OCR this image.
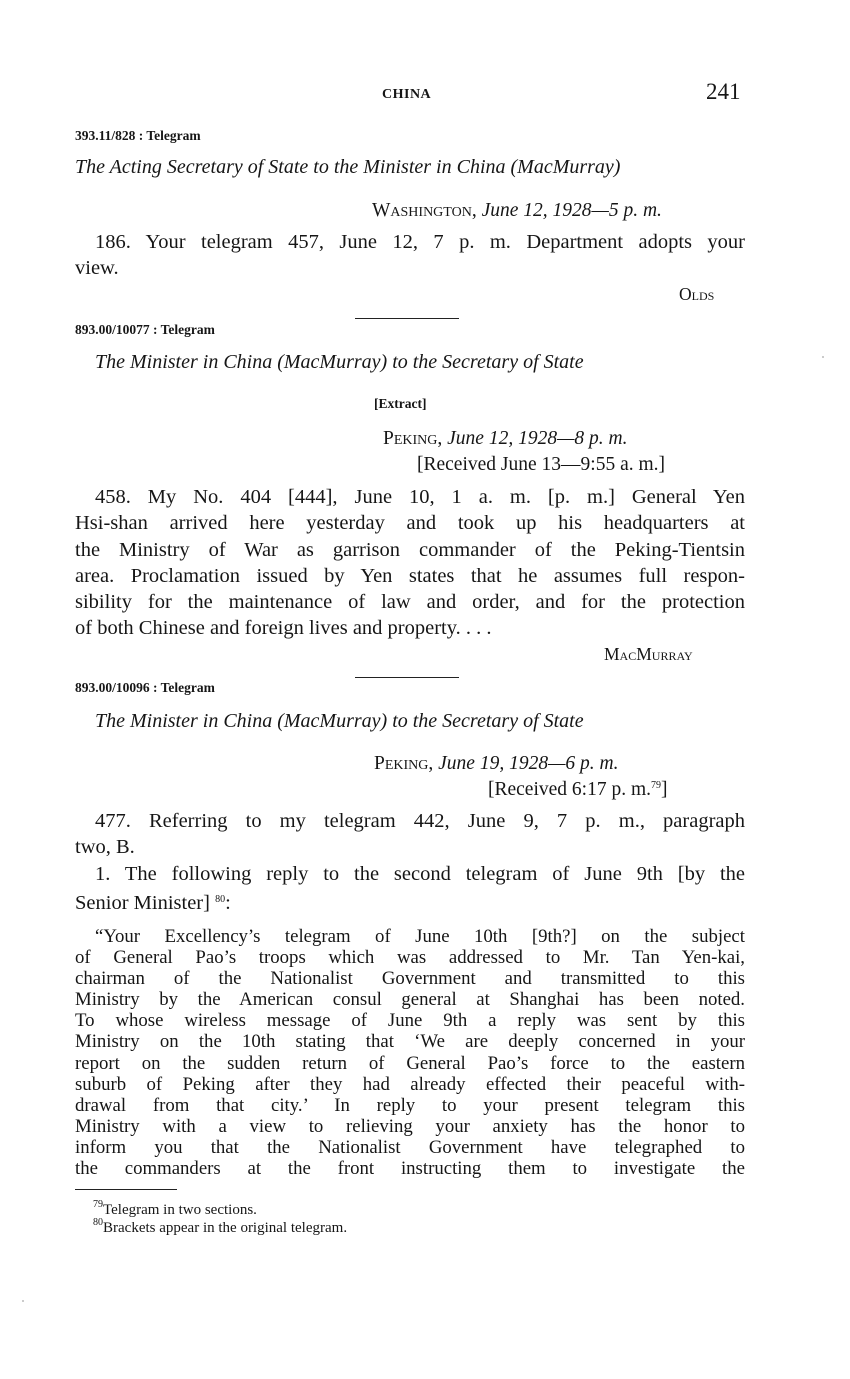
CHINA	241
393.11/828 : Telegram
The Acting Secretary of State to the Minister in China (MacMurray)
Washington, June 12, 1928—5 p. m.
186. Your telegram 457, June 12, 7 p. m. Department adopts your
view.
Olds
893.00/10077 : Telegram
The Minister in China (MacMurray) to the Secretary of State
[Extract]
Peking, June 12, 1928—8 p. m.
[Received June 13—9:55 a. m.]
458. My No. 404 [444], June 10, 1 a. m. [p. m.] General Yen
Hsi-shan arrived here yesterday and took up his headquarters at
the Ministry of War as garrison commander of the Peking-Tientsin
area. Proclamation issued by Yen states that he assumes full respon-
sibility for the maintenance of law and order, and for the protection
of both Chinese and foreign lives and property. . . .
MacMurray
893.00/10096 : Telegram
The Minister in China (MacMurray) to the Secretary of State
Peking, June 19, 1928—6 p. m.
[Received 6:17 p. m.$^{79}$]
477. Referring to my telegram 442, June 9, 7 p. m., paragraph
two, B.
1. The following reply to the second telegram of June 9th [by the
Senior Minister] $^{80}$:
“Your Excellency’s telegram of June 10th [9th?] on the subject
of General Pao’s troops which was addressed to Mr. Tan Yen-kai,
chairman of the Nationalist Government and transmitted to this
Ministry by the American consul general at Shanghai has been noted.
To whose wireless message of June 9th a reply was sent by this
Ministry on the 10th stating that ‘We are deeply concerned in your
report on the sudden return of General Pao’s force to the eastern
suburb of Peking after they had already effected their peaceful with-
drawal from that city.’ In reply to your present telegram this
Ministry with a view to relieving your anxiety has the honor to
inform you that the Nationalist Government have telegraphed to
the commanders at the front instructing them to investigate the
$^{79}$Telegram in two sections.
$^{80}$Brackets appear in the original telegram.
